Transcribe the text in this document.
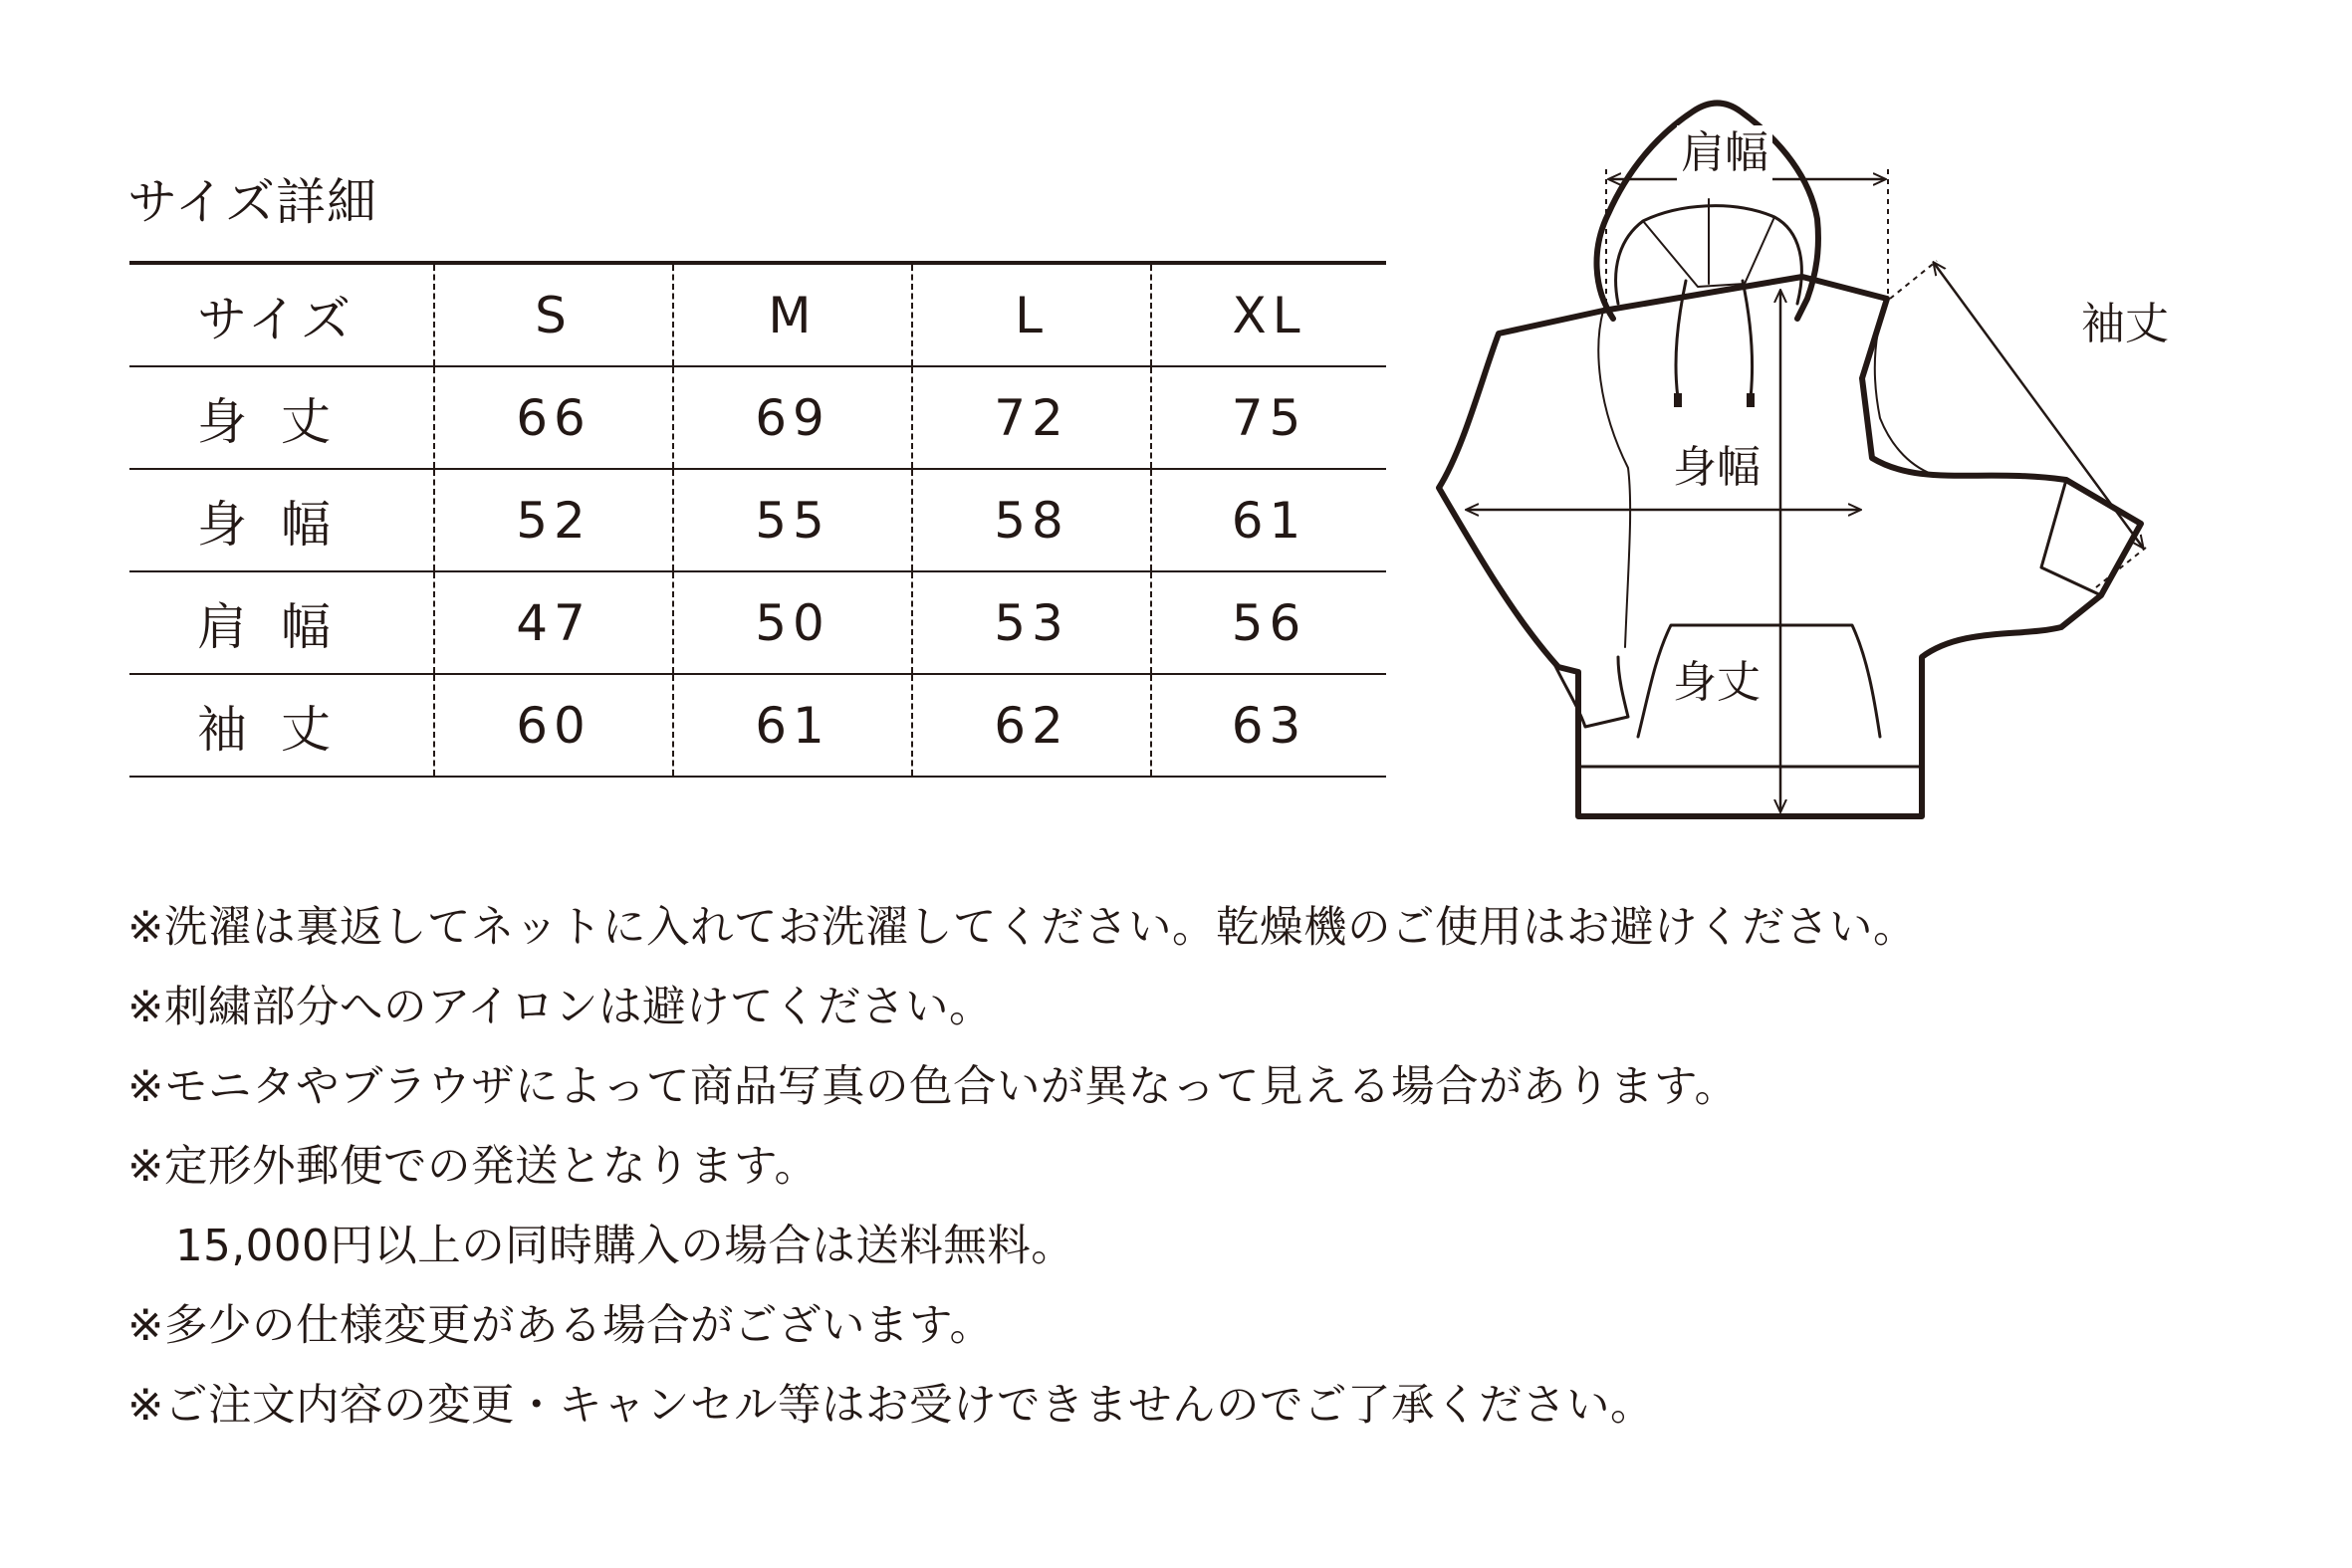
サイズ詳細
サイズ	S	M	L	XL
身丈	66	69	72	75
身幅	52	55	58	61
肩幅	47	50	53	56
袖丈	60	61	62	63
肩幅
袖丈
身幅
身丈
※洗濯は裏返してネットに入れてお洗濯してください。乾燥機のご使用はお避けください。
※刺繍部分へのアイロンは避けてください。
※モニタやブラウザによって商品写真の色合いが異なって見える場合があります。
※定形外郵便での発送となります。
15,000円以上の同時購入の場合は送料無料。
※多少の仕様変更がある場合がございます。
※ご注文内容の変更・キャンセル等はお受けできませんのでご了承ください。
